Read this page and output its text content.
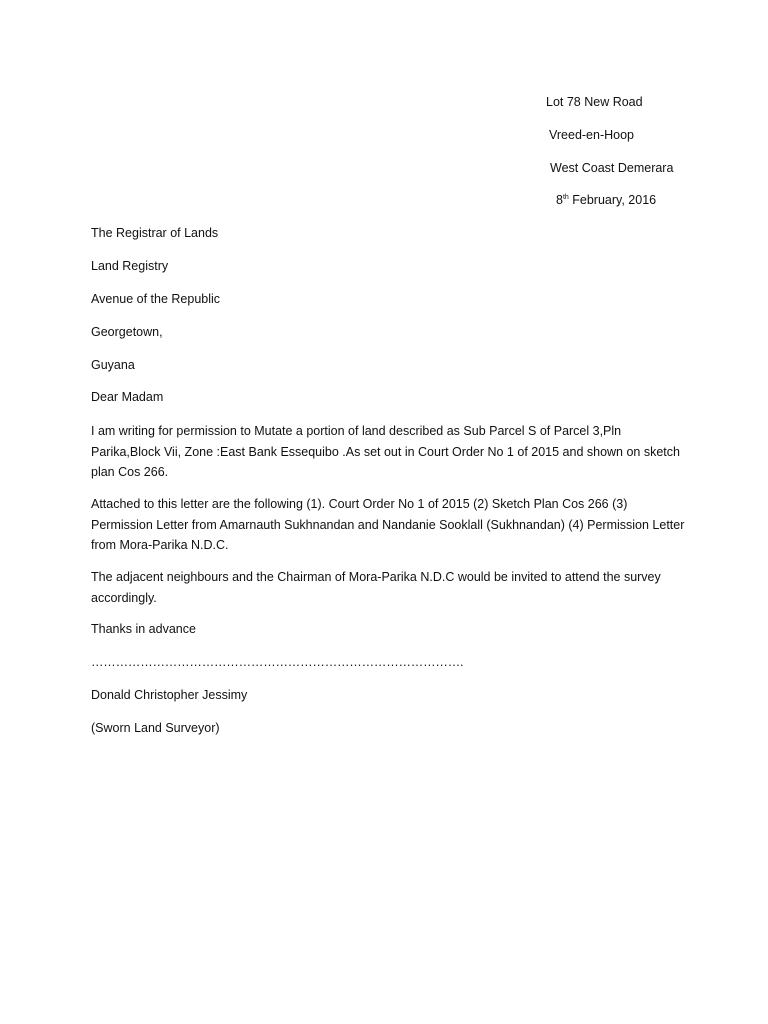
Lot 78 New Road
Vreed-en-Hoop
West Coast Demerara
8th February, 2016
The Registrar of Lands
Land Registry
Avenue of the Republic
Georgetown,
Guyana
Dear Madam
I am writing for permission to Mutate a portion of land described as Sub Parcel S of Parcel 3,Pln Parika,Block Vii, Zone :East Bank Essequibo .As set out in Court Order No 1 of 2015 and shown on sketch plan Cos 266.
Attached to this letter are the following (1). Court Order No 1 of 2015 (2) Sketch Plan Cos 266 (3) Permission Letter from Amarnauth Sukhnandan and Nandanie Sooklall (Sukhnandan) (4) Permission Letter from Mora-Parika N.D.C.
The adjacent neighbours and the Chairman of Mora-Parika N.D.C would be invited to attend the survey accordingly.
Thanks in advance
……………………………………………………………………………….
Donald Christopher Jessimy
(Sworn Land Surveyor)
